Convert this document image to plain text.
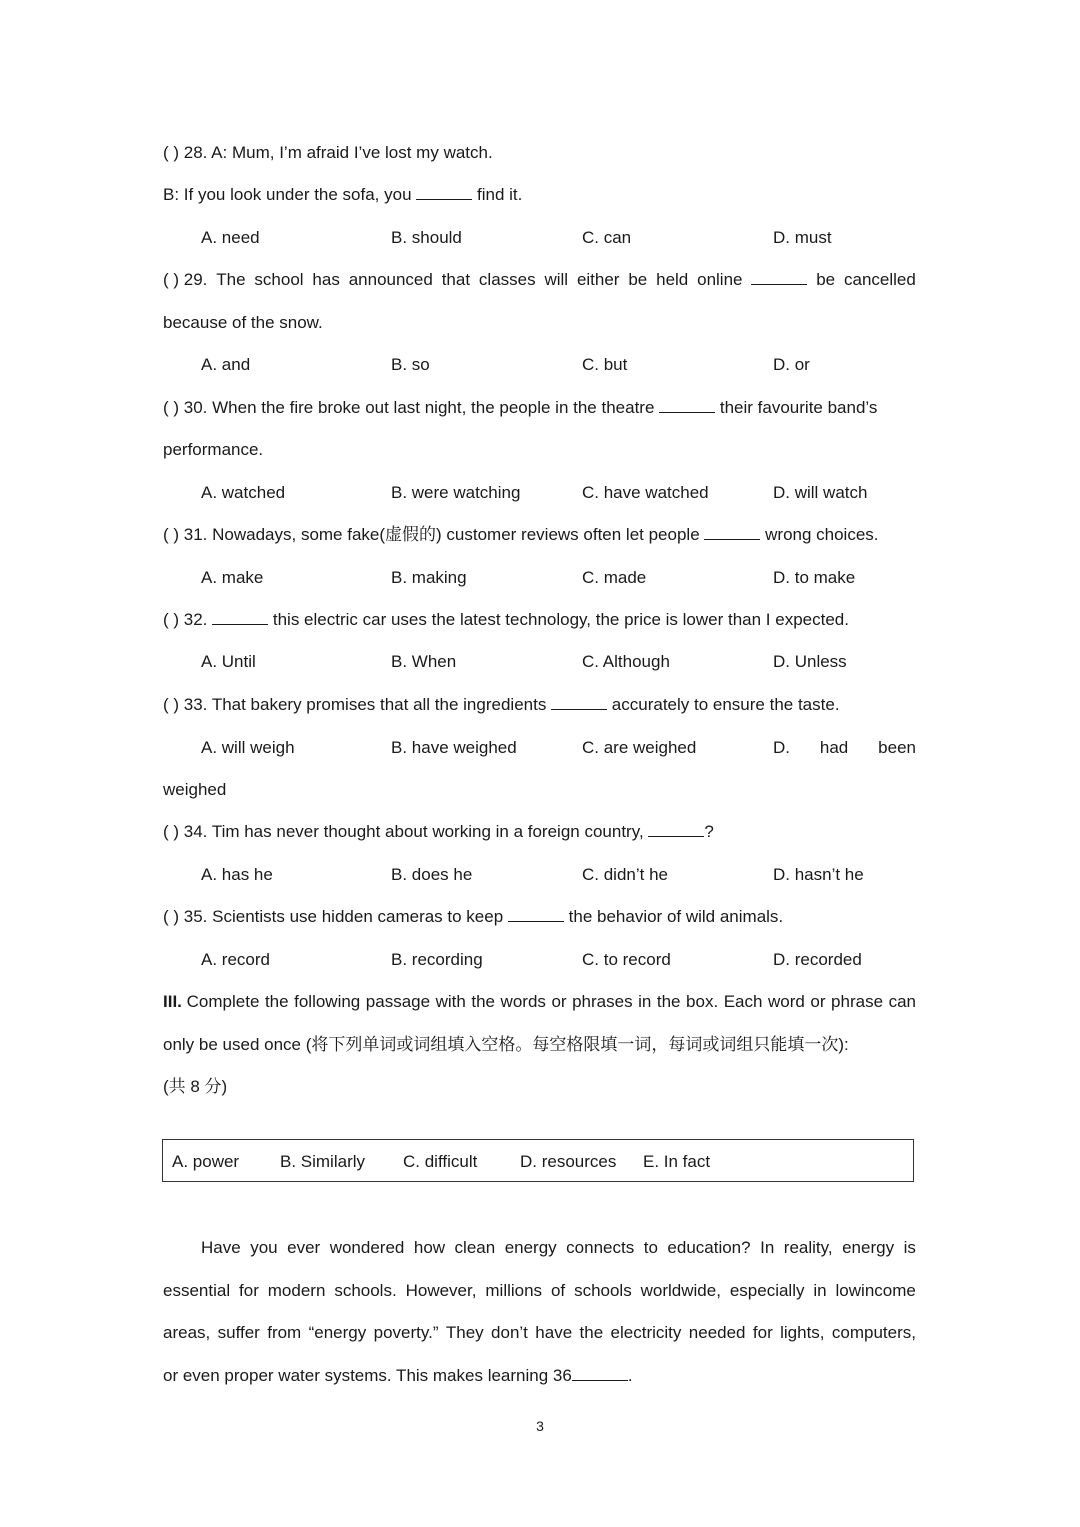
( ) 28. A: Mum, I’m afraid I’ve lost my watch.
B: If you look under the sofa, you	find it.
A. need	B. should	C. can	D. must
( ) 29. The school has announced that classes will either be held online	be cancelled
because of the snow.
A. and	B. so	C. but	D. or
( ) 30. When the fire broke out last night, the people in the theatre	their favourite band’s
performance.
A. watched	B. were watching	C. have watched	D. will watch
( ) 31. Nowadays, some fake(虚假的) customer reviews often let people	wrong choices.
A. make	B. making	C. made	D. to make
( ) 32.	this electric car uses the latest technology, the price is lower than I expected.
A. Until	B. When	C. Although	D. Unless
( ) 33. That bakery promises that all the ingredients	accurately to ensure the taste.
A. will weigh	B. have weighed	C. are weighed	D. had been
weighed
( ) 34. Tim has never thought about working in a foreign country,	?
A. has he	B. does he	C. didn’t he	D. hasn’t he
( ) 35. Scientists use hidden cameras to keep	the behavior of wild animals.
A. record	B. recording	C. to record	D. recorded
III. Complete the following passage with the words or phrases in the box. Each word or phrase can
only be used once (将下列单词或词组填入空格。每空格限填一词，每词或词组只能填一次):
(共 8 分)
A. power B. Similarly C. difficult	D. resources E. In fact
Have you ever wondered how clean energy connects to education? In reality, energy is
essential for modern schools. However, millions of schools worldwide, especially in lowincome
areas, suffer from “energy poverty.” They don’t have the electricity needed for lights, computers,
or even proper water systems. This makes learning 36	.
3
